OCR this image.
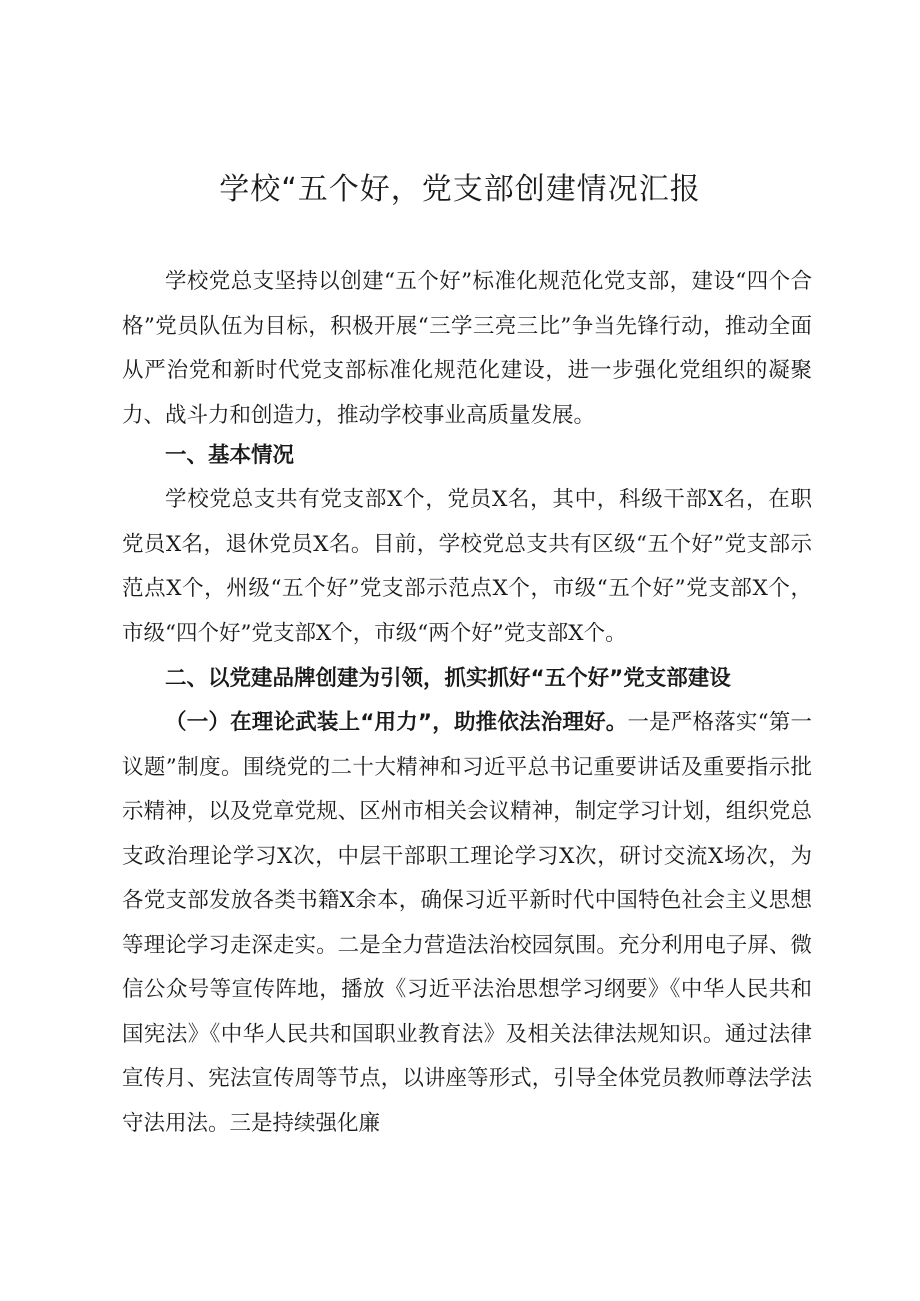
学校“五个好，党支部创建情况汇报

学校党总支坚持以创建“五个好”标准化规范化党支部，建设“四个合格”党员队伍为目标，积极开展“三学三亮三比”争当先锋行动，推动全面从严治党和新时代党支部标准化规范化建设，进一步强化党组织的凝聚力、战斗力和创造力，推动学校事业高质量发展。

一、基本情况

学校党总支共有党支部X个，党员X名，其中，科级干部X名，在职党员X名，退休党员X名。目前，学校党总支共有区级“五个好”党支部示范点X个，州级“五个好”党支部示范点X个，市级“五个好”党支部X个，市级“四个好”党支部X个，市级“两个好”党支部X个。

二、以党建品牌创建为引领，抓实抓好“五个好”党支部建设

（一）在理论武装上“用力”，助推依法治理好。一是严格落实“第一议题”制度。围绕党的二十大精神和习近平总书记重要讲话及重要指示批示精神，以及党章党规、区州市相关会议精神，制定学习计划，组织党总支政治理论学习X次，中层干部职工理论学习X次，研讨交流X场次，为各党支部发放各类书籍X余本，确保习近平新时代中国特色社会主义思想等理论学习走深走实。二是全力营造法治校园氛围。充分利用电子屏、微信公众号等宣传阵地，播放《习近平法治思想学习纲要》《中华人民共和国宪法》《中华人民共和国职业教育法》及相关法律法规知识。通过法律宣传月、宪法宣传周等节点，以讲座等形式，引导全体党员教师尊法学法守法用法。三是持续强化廉
